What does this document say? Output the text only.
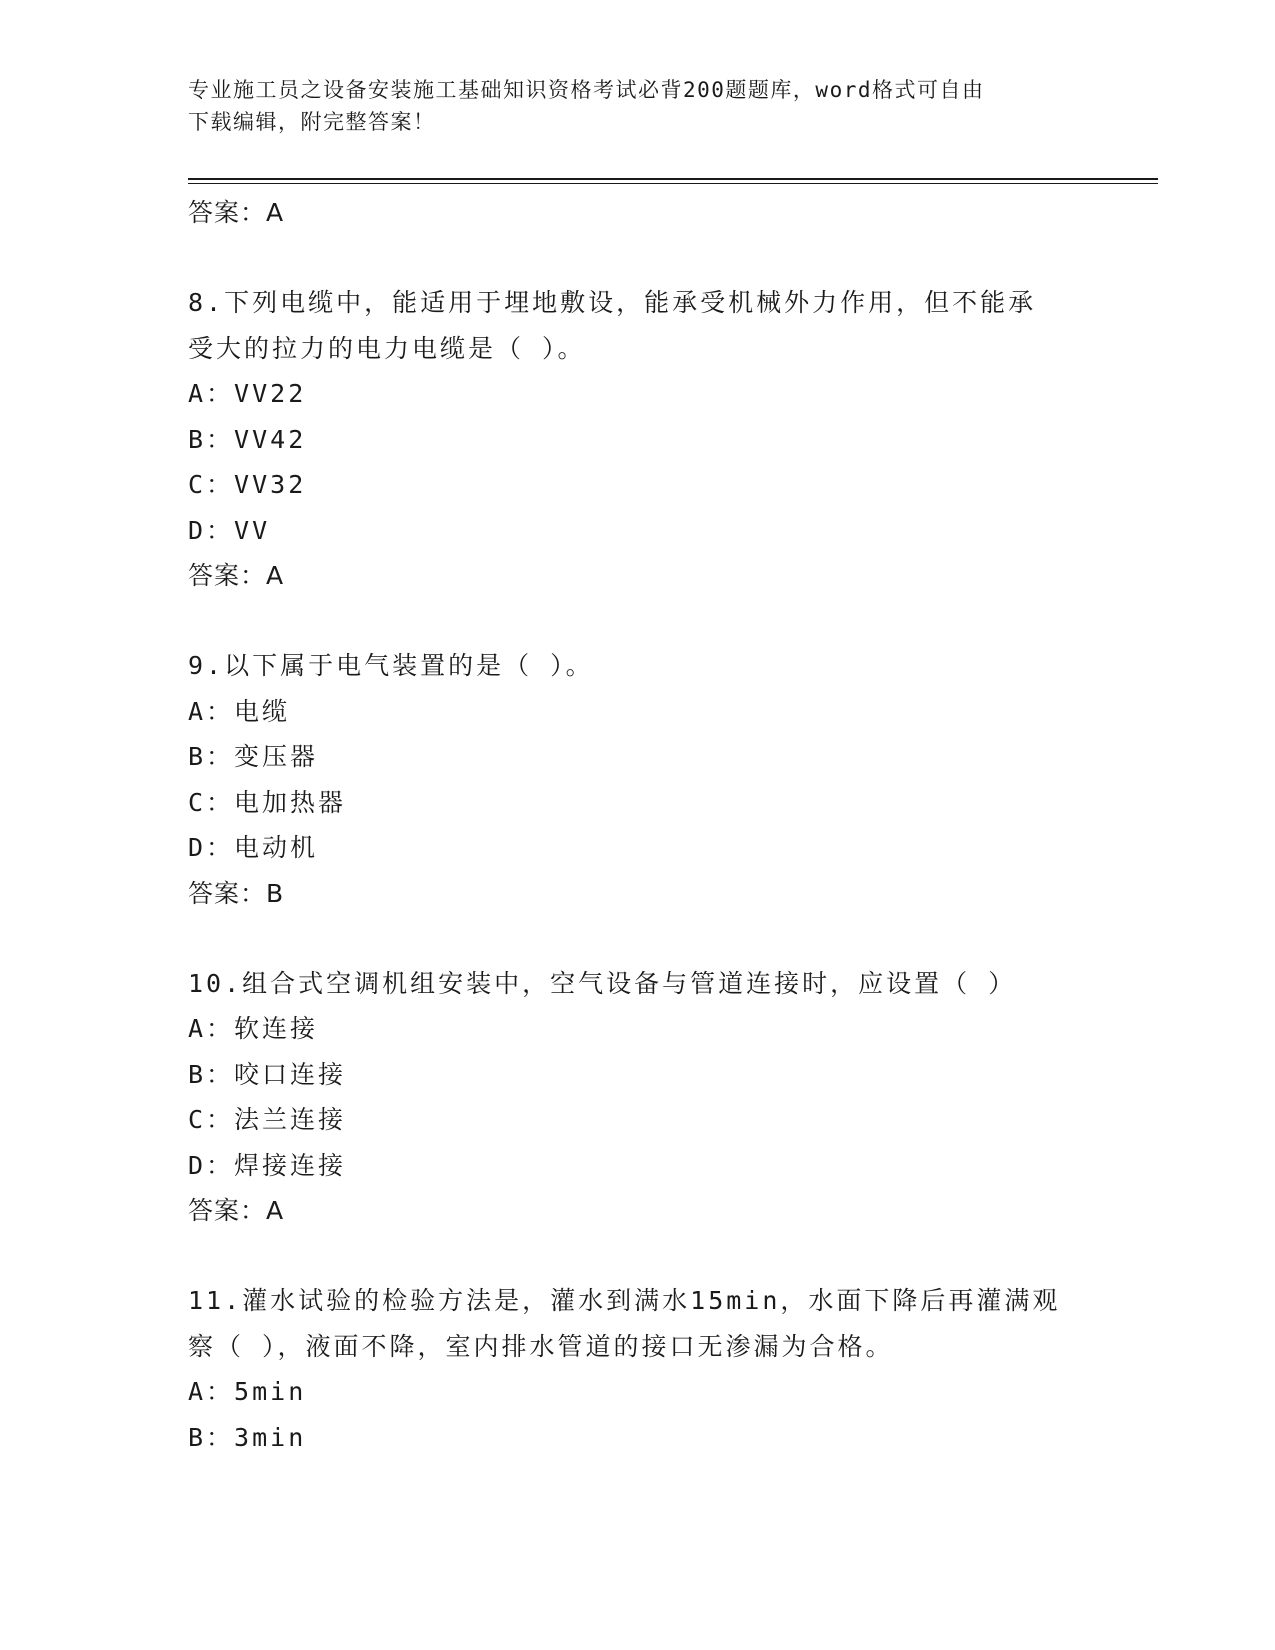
专业施工员之设备安装施工基础知识资格考试必背200题题库，word格式可自由
下载编辑，附完整答案！
答案：A
8.下列电缆中，能适用于埋地敷设，能承受机械外力作用，但不能承
受大的拉力的电力电缆是（ ）。
A：VV22
B：VV42
C：VV32
D：VV
答案：A
9.以下属于电气装置的是（ ）。
A：电缆
B：变压器
C：电加热器
D：电动机
答案：B
10.组合式空调机组安装中，空气设备与管道连接时，应设置（ ）
A：软连接
B：咬口连接
C：法兰连接
D：焊接连接
答案：A
11.灌水试验的检验方法是，灌水到满水15min，水面下降后再灌满观
察（ ），液面不降，室内排水管道的接口无渗漏为合格。
A：5min
B：3min
